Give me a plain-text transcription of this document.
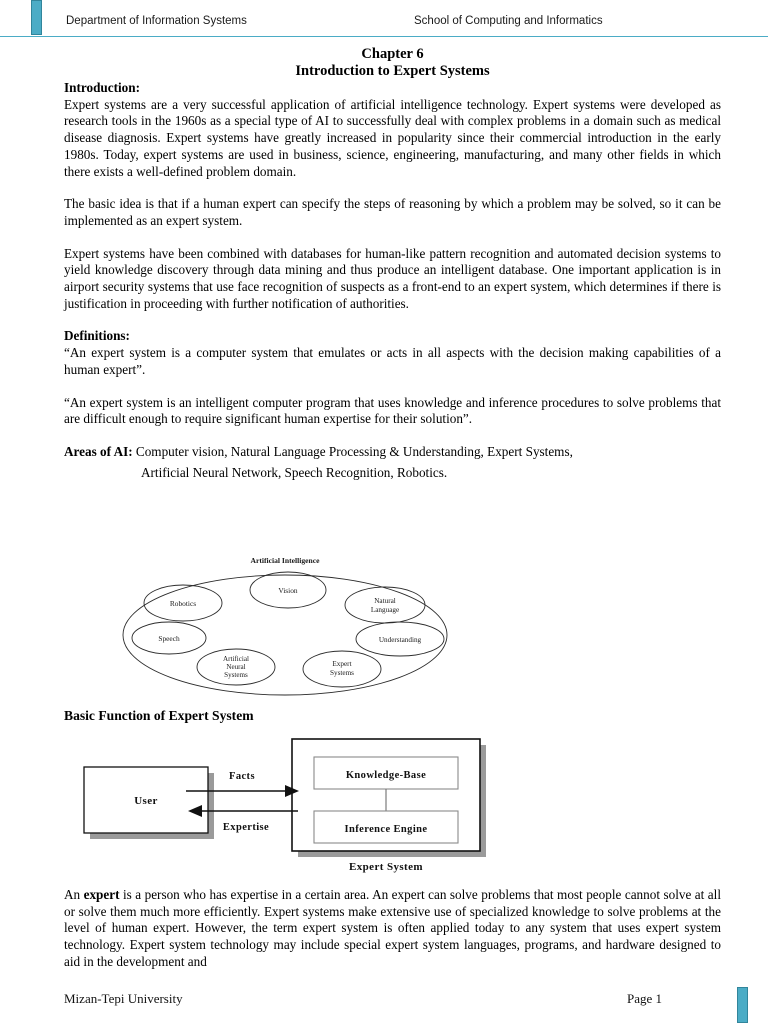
Department of Information Systems	School of Computing and Informatics
Chapter 6
Introduction to Expert Systems

Introduction:

Expert systems are a very successful application of artificial intelligence technology. Expert systems were developed as research tools in the 1960s as a special type of AI to successfully deal with complex problems in a domain such as medical disease diagnosis. Expert systems have greatly increased in popularity since their commercial introduction in the early 1980s. Today, expert systems are used in business, science, engineering, manufacturing, and many other fields in which there exists a well-defined problem domain.

The basic idea is that if a human expert can specify the steps of reasoning by which a problem may be solved, so it can be implemented as an expert system.

Expert systems have been combined with databases for human-like pattern recognition and automated decision systems to yield knowledge discovery through data mining and thus produce an intelligent database. One important application is in airport security systems that use face recognition of suspects as a front-end to an expert system, which determines if there is justification in proceeding with further notification of authorities.

Definitions:

“An expert system is a computer system that emulates or acts in all aspects with the decision making capabilities of a human expert”.

“An expert system is an intelligent computer program that uses knowledge and inference procedures to solve problems that are difficult enough to require significant human expertise for their solution”.

Areas of AI: Computer vision, Natural Language Processing & Understanding, Expert Systems,

Artificial Neural Network, Speech Recognition, Robotics.

Artificial Intelligence
Vision
Natural
Language
Robotics
Understanding
Speech
Artificial
Neural
Systems
Expert
Systems
Basic Function of Expert System
User
Knowledge-Base
Inference Engine
Facts
Expertise
Expert System

An expert is a person who has expertise in a certain area. An expert can solve problems that most people cannot solve at all or solve them much more efficiently. Expert systems make extensive use of specialized knowledge to solve problems at the level of human expert. However, the term expert system is often applied today to any system that uses expert system technology. Expert system technology may include special expert system languages, programs, and hardware designed to aid in the development and

Mizan-Tepi University	Page 1
